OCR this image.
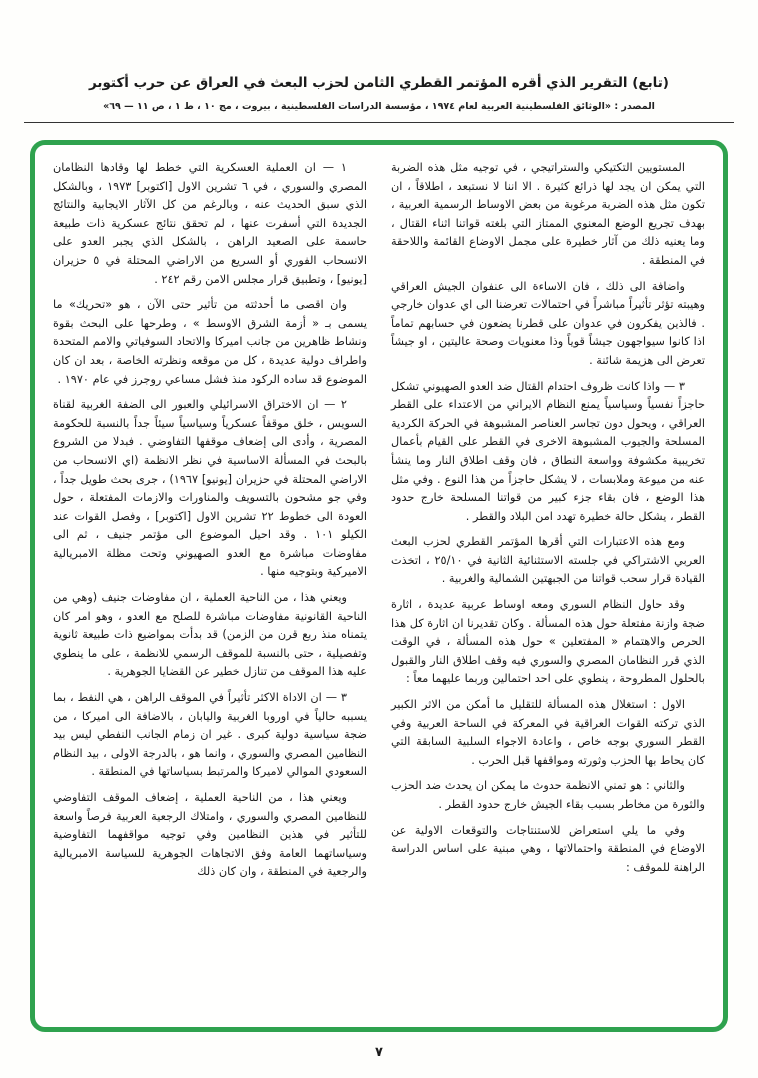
(تابع) التقرير الذي أقره المؤتمر القطري الثامن لحزب البعث في العراق عن حرب أكتوبر

المصدر : «الوثائق الفلسطينية العربية لعام ١٩٧٤ ، مؤسسة الدراسات الفلسطينية ، بيروت ، مج ١٠ ، ط ١ ، ص ١١ — ٦٩»

المستويين التكتيكي والستراتيجي ، في توجيه مثل هذه الضربة التي يمكن ان يجد لها ذرائع كثيرة . الا اننا لا نستبعد ، اطلاقاً ، ان تكون مثل هذه الضربة مرغوبة من بعض الاوساط الرسمية العربية ، بهدف تجريع الوضع المعنوي الممتاز التي بلغته قواتنا اثناء القتال ، وما يعنيه ذلك من آثار خطيرة على مجمل الاوضاع القائمة واللاحقة في المنطقة .

واضافة الى ذلك ، فان الاساءة الى عنفوان الجيش العراقي وهيبته تؤثر تأثيراً مباشراً في احتمالات تعرضنا الى اي عدوان خارجي . فالذين يفكرون في عدوان على قطرنا يضعون في حسابهم تماماً اذا كانوا سيواجهون جيشاً قوياً وذا معنويات وصحة عاليتين ، او جيشاً تعرض الى هزيمة شائنة .

٣ — واذا كانت ظروف احتدام القتال ضد العدو الصهيوني تشكل حاجزاً نفسياً وسياسياً يمنع النظام الايراني من الاعتداء على القطر العراقي ، ويحول دون تجاسر العناصر المشبوهة في الحركة الكردية المسلحة والجيوب المشبوهة الاخرى في القطر على القيام بأعمال تخريبية مكشوفة وواسعة النطاق ، فان وقف اطلاق النار وما ينشأ عنه من ميوعة وملابسات ، لا يشكل حاجزاً من هذا النوع . وفي مثل هذا الوضع ، فان بقاء جزء كبير من قواتنا المسلحة خارج حدود القطر ، يشكل حالة خطيرة تهدد امن البلاد والقطر .

ومع هذه الاعتبارات التي أقرها المؤتمر القطري لحزب البعث العربي الاشتراكي في جلسته الاستثنائية الثانية في ٢٥/١٠ ، اتخذت القيادة قرار سحب قواتنا من الجبهتين الشمالية والغربية .

وقد حاول النظام السوري ومعه اوساط عربية عديدة ، اثارة ضجة وازنة مفتعلة حول هذه المسألة . وكان تقديرنا ان اثارة كل هذا الحرص والاهتمام « المفتعلين » حول هذه المسألة ، في الوقت الذي قرر النظامان المصري والسوري فيه وقف اطلاق النار والقبول بالحلول المطروحة ، ينطوي على احد احتمالين وربما عليهما معاً :

الاول : استغلال هذه المسألة للتقليل ما أمكن من الاثر الكبير الذي تركته القوات العراقية في المعركة في الساحة العربية وفي القطر السوري بوجه خاص ، واعادة الاجواء السلبية السابقة التي كان يحاط بها الحزب وثورته ومواقفها قبل الحرب .

والثاني : هو تمني الانظمة حدوث ما يمكن ان يحدث ضد الحزب والثورة من مخاطر بسبب بقاء الجيش خارج حدود القطر .

وفي ما يلي استعراض للاستنتاجات والتوقعات الاولية عن الاوضاع في المنطقة واحتمالاتها ، وهي مبنية على اساس الدراسة الراهنة للموقف :

١ — ان العملية العسكرية التي خطط لها وقادها النظامان المصري والسوري ، في ٦ تشرين الاول [اكتوبر] ١٩٧٣ ، وبالشكل الذي سبق الحديث عنه ، وبالرغم من كل الآثار الايجابية والنتائج الجديدة التي أسفرت عنها ، لم تحقق نتائج عسكرية ذات طبيعة حاسمة على الصعيد الراهن ، بالشكل الذي يجبر العدو على الانسحاب الفوري أو السريع من الاراضي المحتلة في ٥ حزيران [يونيو] ، وتطبيق قرار مجلس الامن رقم ٢٤٢ .

وان اقصى ما أحدثته من تأثير حتى الآن ، هو «تحريك» ما يسمى بـ « أزمة الشرق الاوسط » ، وطرحها على البحث بقوة ونشاط ظاهرين من جانب اميركا والاتحاد السوفياتي والامم المتحدة واطراف دولية عديدة ، كل من موقعه ونظرته الخاصة ، بعد ان كان الموضوع قد ساده الركود منذ فشل مساعي روجرز في عام ١٩٧٠ .

٢ — ان الاختراق الاسرائيلي والعبور الى الضفة الغربية لقناة السويس ، خلق موقفاً عسكرياً وسياسياً سيئاً جداً بالنسبة للحكومة المصرية ، وأدى الى إضعاف موقفها التفاوضي . فبدلا من الشروع بالبحث في المسألة الاساسية في نظر الانظمة (اي الانسحاب من الاراضي المحتلة في حزيران [يونيو] ١٩٦٧) ، جرى بحث طويل جداً ، وفي جو مشحون بالتسويف والمناورات والازمات المفتعلة ، حول العودة الى خطوط ٢٢ تشرين الاول [اكتوبر] ، وفصل القوات عند الكيلو ١٠١ . وقد احيل الموضوع الى مؤتمر جنيف ، ثم الى مفاوضات مباشرة مع العدو الصهيوني وتحت مظلة الامبريالية الاميركية وبتوجيه منها .

ويعني هذا ، من الناحية العملية ، ان مفاوضات جنيف (وهي من الناحية القانونية مفاوضات مباشرة للصلح مع العدو ، وهو امر كان يتمناه منذ ربع قرن من الزمن) قد بدأت بمواضيع ذات طبيعة ثانوية وتفصيلية ، حتى بالنسبة للموقف الرسمي للانظمة ، على ما ينطوي عليه هذا الموقف من تنازل خطير عن القضايا الجوهرية .

٣ — ان الاداة الاكثر تأثيراً في الموقف الراهن ، هي النفط ، بما يسببه حالياً في اوروبا الغربية واليابان ، بالاضافة الى اميركا ، من ضجة سياسية دولية كبرى . غير ان زمام الجانب النفطي ليس بيد النظامين المصري والسوري ، وانما هو ، بالدرجة الاولى ، بيد النظام السعودي الموالي لاميركا والمرتبط بسياساتها في المنطقة .

ويعني هذا ، من الناحية العملية ، إضعاف الموقف التفاوضي للنظامين المصري والسوري ، وامتلاك الرجعية العربية فرصاً واسعة للتأثير في هذين النظامين وفي توجيه مواقفهما التفاوضية وسياساتهما العامة وفق الاتجاهات الجوهرية للسياسة الامبريالية والرجعية في المنطقة ، وان كان ذلك

٧
